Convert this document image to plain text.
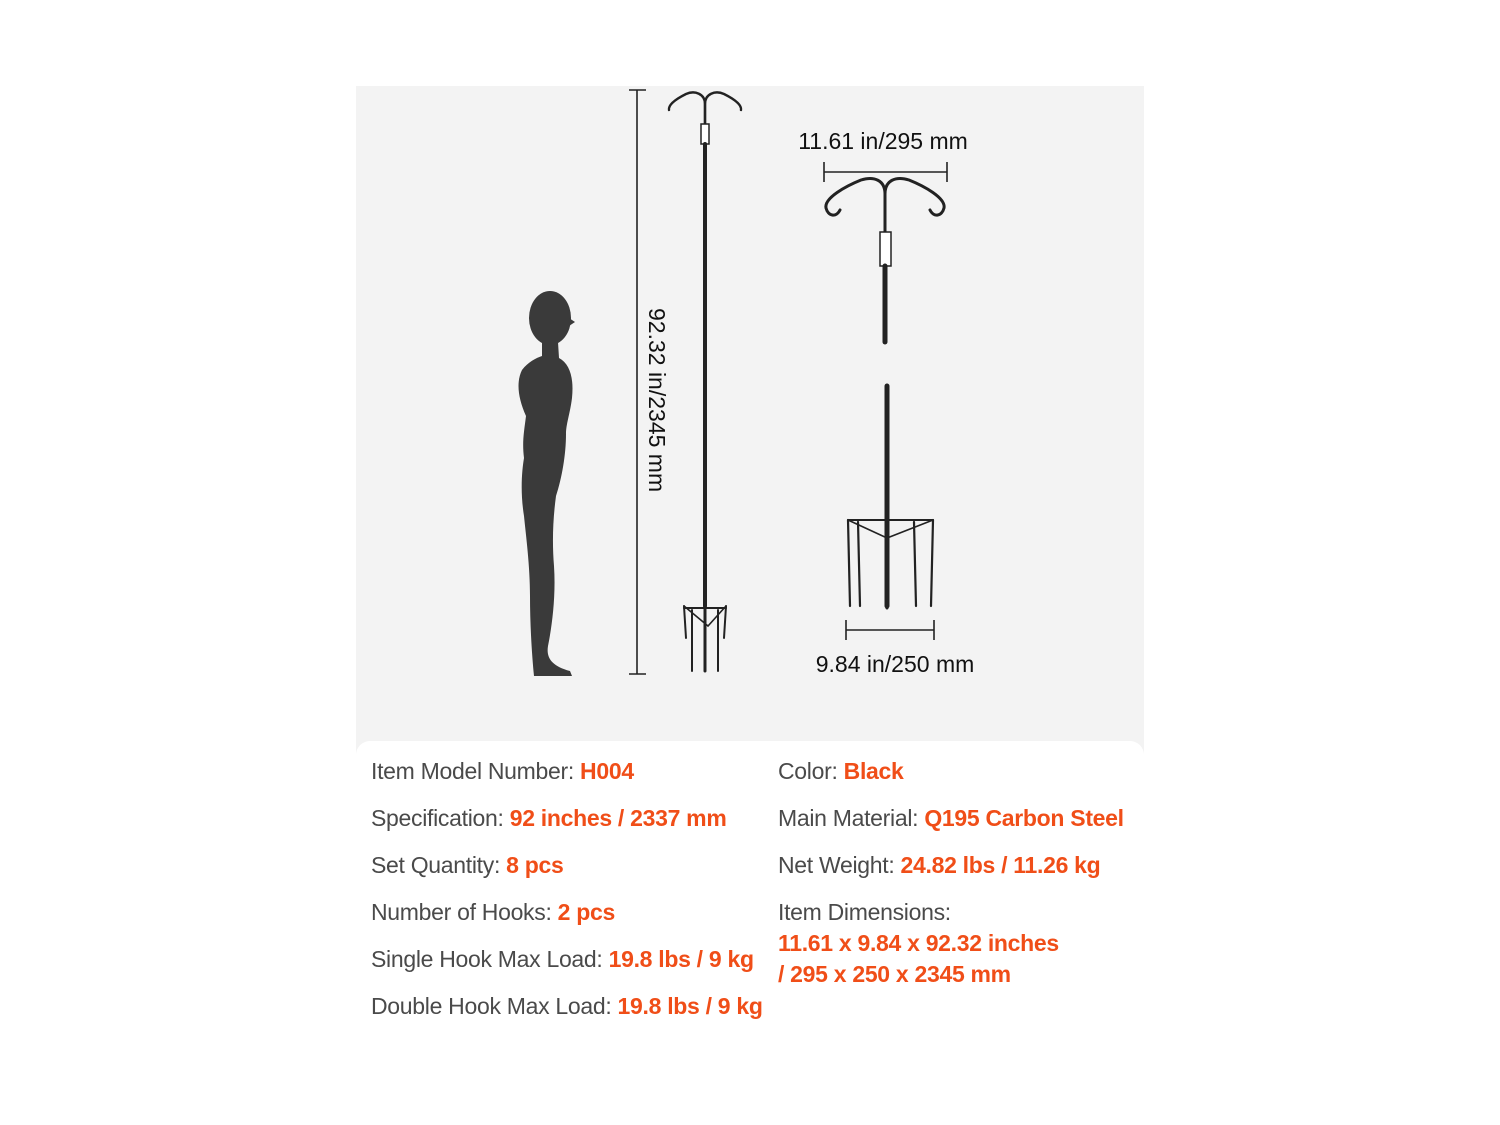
92.32 in/2345 mm
11.61 in/295 mm
9.84 in/250 mm
Item Model Number: H004
Specification: 92 inches / 2337 mm
Set Quantity: 8 pcs
Number of Hooks: 2 pcs
Single Hook Max Load: 19.8 lbs / 9 kg
Double Hook Max Load: 19.8 lbs / 9 kg
Color: Black
Main Material: Q195 Carbon Steel
Net Weight: 24.82 lbs / 11.26 kg
Item Dimensions:
11.61 x 9.84 x 92.32 inches
/ 295 x 250 x 2345 mm
